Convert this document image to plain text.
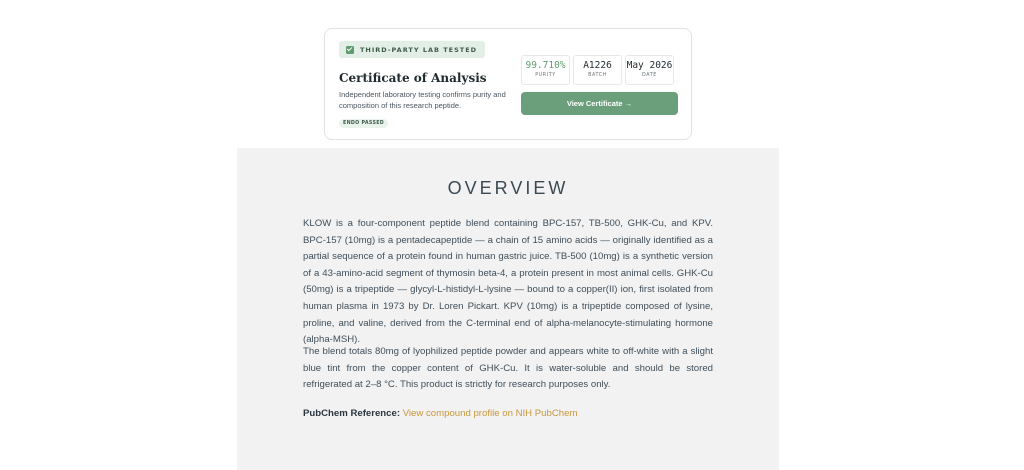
THIRD-PARTY LAB TESTED
Certificate of Analysis
Independent laboratory testing confirms purity and composition of this research peptide.
ENDO PASSED
99.710%
PURITY
A1226
BATCH
May 2026
DATE
View Certificate →
OVERVIEW

KLOW is a four-component peptide blend containing BPC-157, TB-500, GHK-Cu, and KPV. BPC-157 (10mg) is a pentadecapeptide — a chain of 15 amino acids — originally identified as a partial sequence of a protein found in human gastric juice. TB-500 (10mg) is a synthetic version of a 43-amino-acid segment of thymosin beta-4, a protein present in most animal cells. GHK-Cu (50mg) is a tripeptide — glycyl-L-histidyl-L-lysine — bound to a copper(II) ion, first isolated from human plasma in 1973 by Dr. Loren Pickart. KPV (10mg) is a tripeptide composed of lysine, proline, and valine, derived from the C-terminal end of alpha-melanocyte-stimulating hormone (alpha-MSH).

The blend totals 80mg of lyophilized peptide powder and appears white to off-white with a slight blue tint from the copper content of GHK-Cu. It is water-soluble and should be stored refrigerated at 2–8 °C. This product is strictly for research purposes only.

PubChem Reference: View compound profile on NIH PubChem
